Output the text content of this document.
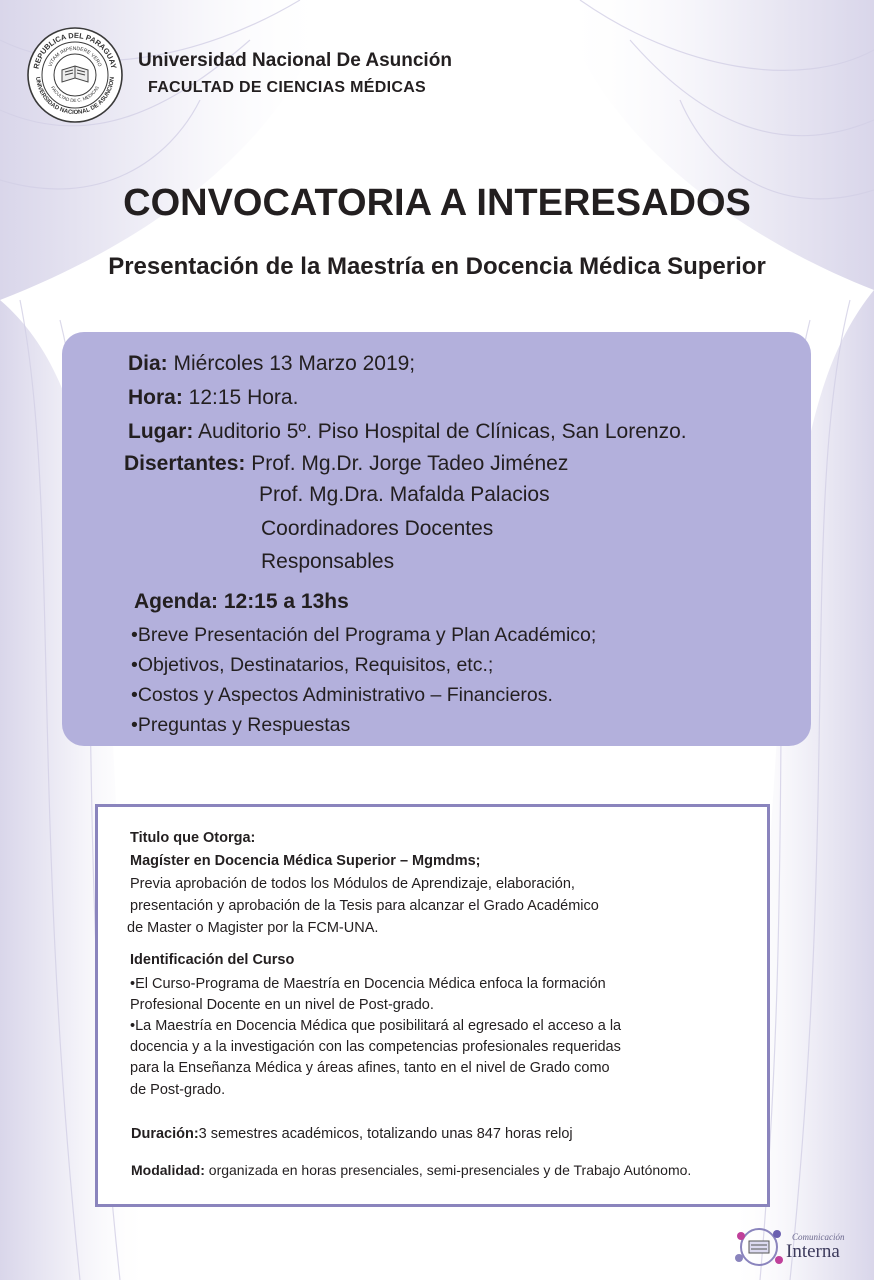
REPUBLICA DEL PARAGUAY
UNIVERSIDAD NACIONAL DE ASUNCION
VITAM IMPENDERE VERO
FACULTAD DE C. MEDICAS
Universidad Nacional De Asunción
FACULTAD DE CIENCIAS MÉDICAS
CONVOCATORIA A INTERESADOS
Presentación de la Maestría en Docencia Médica Superior
Dia: Miércoles 13 Marzo 2019;
Hora: 12:15 Hora.
Lugar: Auditorio 5º. Piso Hospital de Clínicas, San Lorenzo.
Disertantes: Prof. Mg.Dr. Jorge Tadeo Jiménez
Prof. Mg.Dra. Mafalda Palacios
Coordinadores Docentes
Responsables
Agenda: 12:15 a 13hs
•Breve Presentación del Programa y Plan Académico;
•Objetivos, Destinatarios, Requisitos, etc.;
•Costos y Aspectos Administrativo – Financieros.
•Preguntas y Respuestas
Titulo que Otorga:
Magíster en Docencia Médica Superior – Mgmdms;
Previa aprobación de todos los Módulos de Aprendizaje, elaboración,
presentación y aprobación de la Tesis para alcanzar el Grado Académico
de Master o Magister por la FCM-UNA.
Identificación del Curso
•El Curso-Programa de Maestría en Docencia Médica enfoca la formación
Profesional Docente en un nivel de Post-grado.
•La Maestría en Docencia Médica que posibilitará al egresado el acceso a la
docencia y a la investigación con las competencias profesionales requeridas
para la Enseñanza Médica y áreas afines, tanto en el nivel de Grado como
de Post-grado.
Duración:3 semestres académicos, totalizando unas 847 horas reloj
Modalidad: organizada en horas presenciales, semi-presenciales y de Trabajo Autónomo.
Comunicación
Interna
